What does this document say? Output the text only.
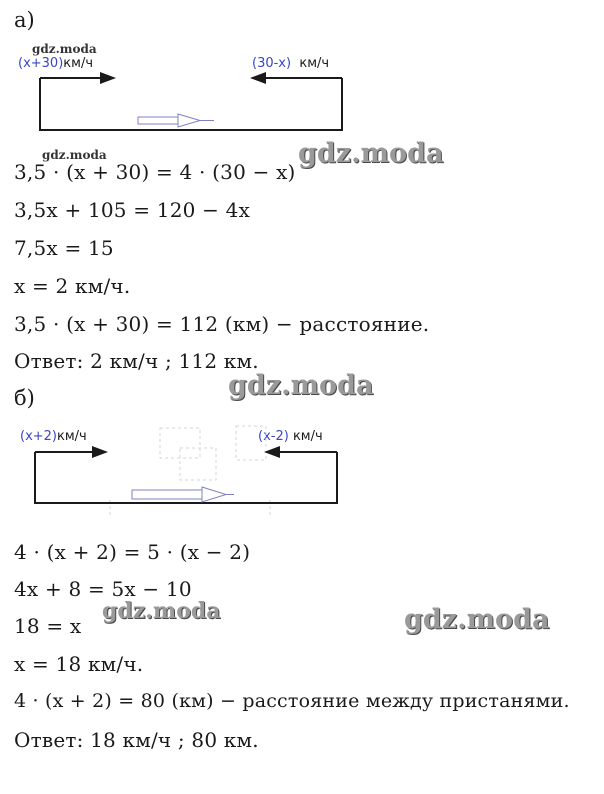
а)
gdz.moda
(x+30)км/ч	(30-x) км/ч
gdz.moda	gdz.moda
3,5 · (x + 30) = 4 · (30 − x)
3,5x + 105 = 120 − 4x
7,5x = 15
x = 2 км/ч.
3,5 · (x + 30) = 112 (км) − расстояние.
Ответ: 2 км/ч ; 112 км.
gdz.moda
б)
(x+2)км/ч	(x-2) км/ч
4 · (x + 2) = 5 · (x − 2)
4x + 8 = 5x − 10
18 = x
gdz.moda	gdz.moda
x = 18 км/ч.
4 · (x + 2) = 80 (км) − расстояние между пристанями.
Ответ: 18 км/ч ; 80 км.
